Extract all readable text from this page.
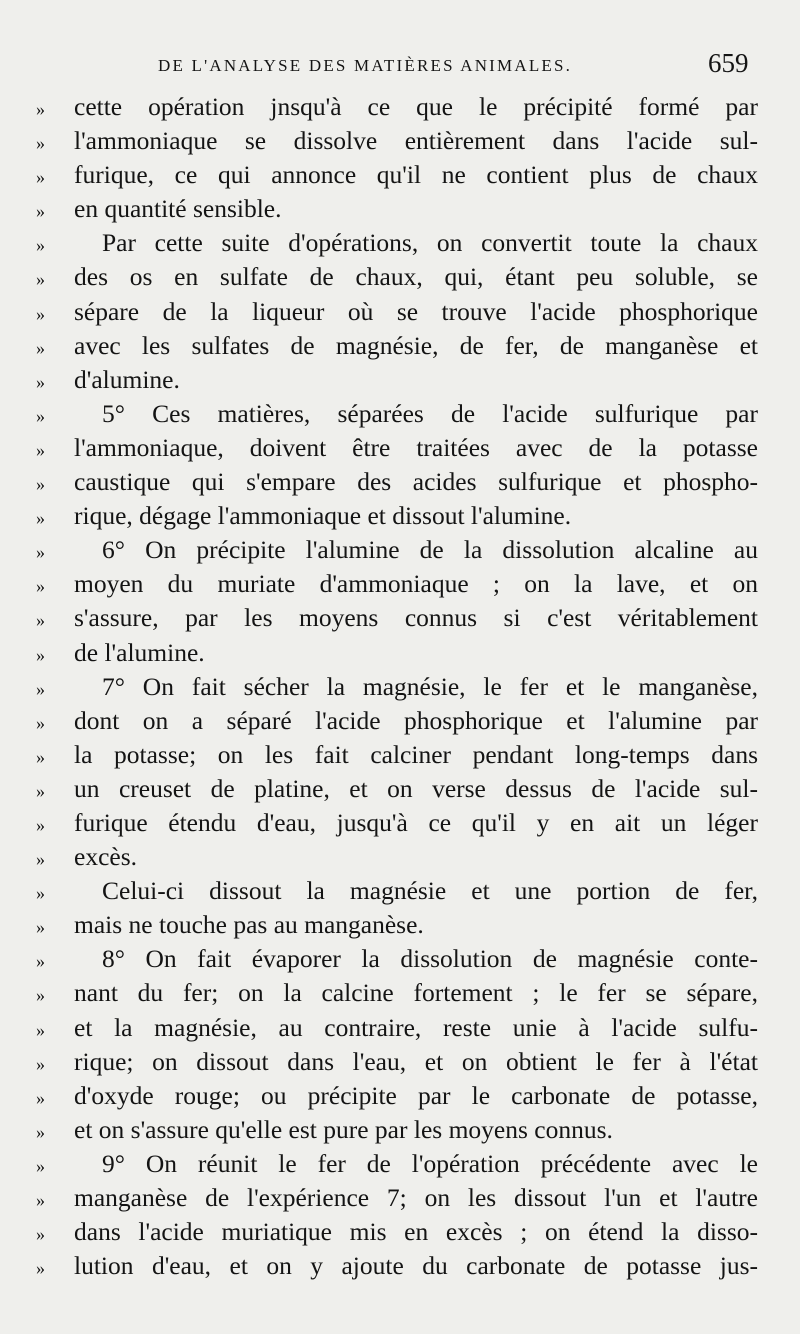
DE L'ANALYSE DES MATIÈRES ANIMALES.	659
» cette opération jnsqu'à ce que le précipité formé par
» l'ammoniaque se dissolve entièrement dans l'acide sul-
» furique, ce qui annonce qu'il ne contient plus de chaux
» en quantité sensible.
» Par cette suite d'opérations, on convertit toute la chaux
» des os en sulfate de chaux, qui, étant peu soluble, se
» sépare de la liqueur où se trouve l'acide phosphorique
» avec les sulfates de magnésie, de fer, de manganèse et
» d'alumine.
» 5° Ces matières, séparées de l'acide sulfurique par
» l'ammoniaque, doivent être traitées avec de la potasse
» caustique qui s'empare des acides sulfurique et phospho-
» rique, dégage l'ammoniaque et dissout l'alumine.
» 6° On précipite l'alumine de la dissolution alcaline au
» moyen du muriate d'ammoniaque ; on la lave, et on
» s'assure, par les moyens connus si c'est véritablement
» de l'alumine.
» 7° On fait sécher la magnésie, le fer et le manganèse,
» dont on a séparé l'acide phosphorique et l'alumine par
» la potasse; on les fait calciner pendant long-temps dans
» un creuset de platine, et on verse dessus de l'acide sul-
» furique étendu d'eau, jusqu'à ce qu'il y en ait un léger
» excès.
» Celui-ci dissout la magnésie et une portion de fer,
» mais ne touche pas au manganèse.
» 8° On fait évaporer la dissolution de magnésie conte-
» nant du fer; on la calcine fortement ; le fer se sépare,
» et la magnésie, au contraire, reste unie à l'acide sulfu-
» rique; on dissout dans l'eau, et on obtient le fer à l'état
» d'oxyde rouge; ou précipite par le carbonate de potasse,
» et on s'assure qu'elle est pure par les moyens connus.
» 9° On réunit le fer de l'opération précédente avec le
» manganèse de l'expérience 7; on les dissout l'un et l'autre
» dans l'acide muriatique mis en excès ; on étend la disso-
» lution d'eau, et on y ajoute du carbonate de potasse jus-
